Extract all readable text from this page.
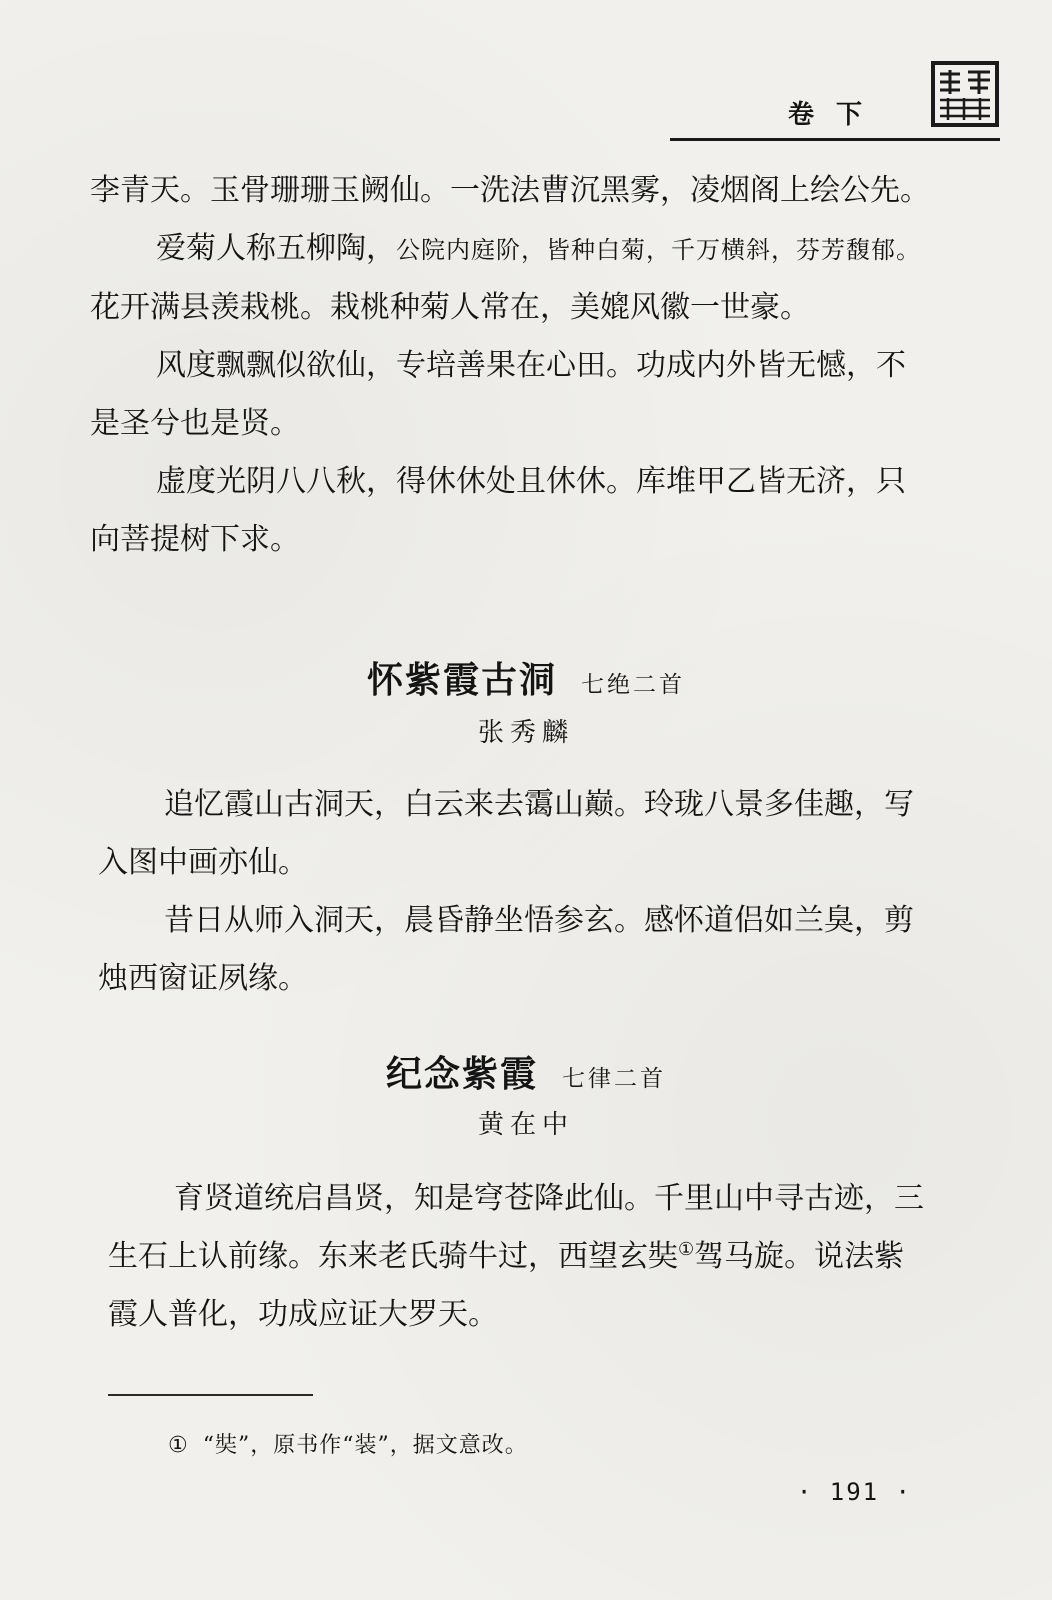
卷下

李青天。玉骨珊珊玉阙仙。一洗法曹沉黑雾，凌烟阁上绘公先。

爱菊人称五柳陶，公院内庭阶，皆种白菊，千万横斜，芬芳馥郁。花开满县羡栽桃。栽桃种菊人常在，美媲风徽一世豪。

风度飘飘似欲仙，专培善果在心田。功成内外皆无憾，不是圣兮也是贤。

虚度光阴八八秋，得休休处且休休。库堆甲乙皆无济，只向菩提树下求。

怀紫霞古洞 七绝二首
张秀麟

追忆霞山古洞天，白云来去霭山巅。玲珑八景多佳趣，写入图中画亦仙。

昔日从师入洞天，晨昏静坐悟参玄。感怀道侣如兰臭，剪烛西窗证夙缘。

纪念紫霞 七律二首
黄在中

育贤道统启昌贤，知是穹苍降此仙。千里山中寻古迹，三生石上认前缘。东来老氏骑牛过，西望玄奘①驾马旋。说法紫霞人普化，功成应证大罗天。

① “奘”，原书作“装”，据文意改。
· 191 ·
